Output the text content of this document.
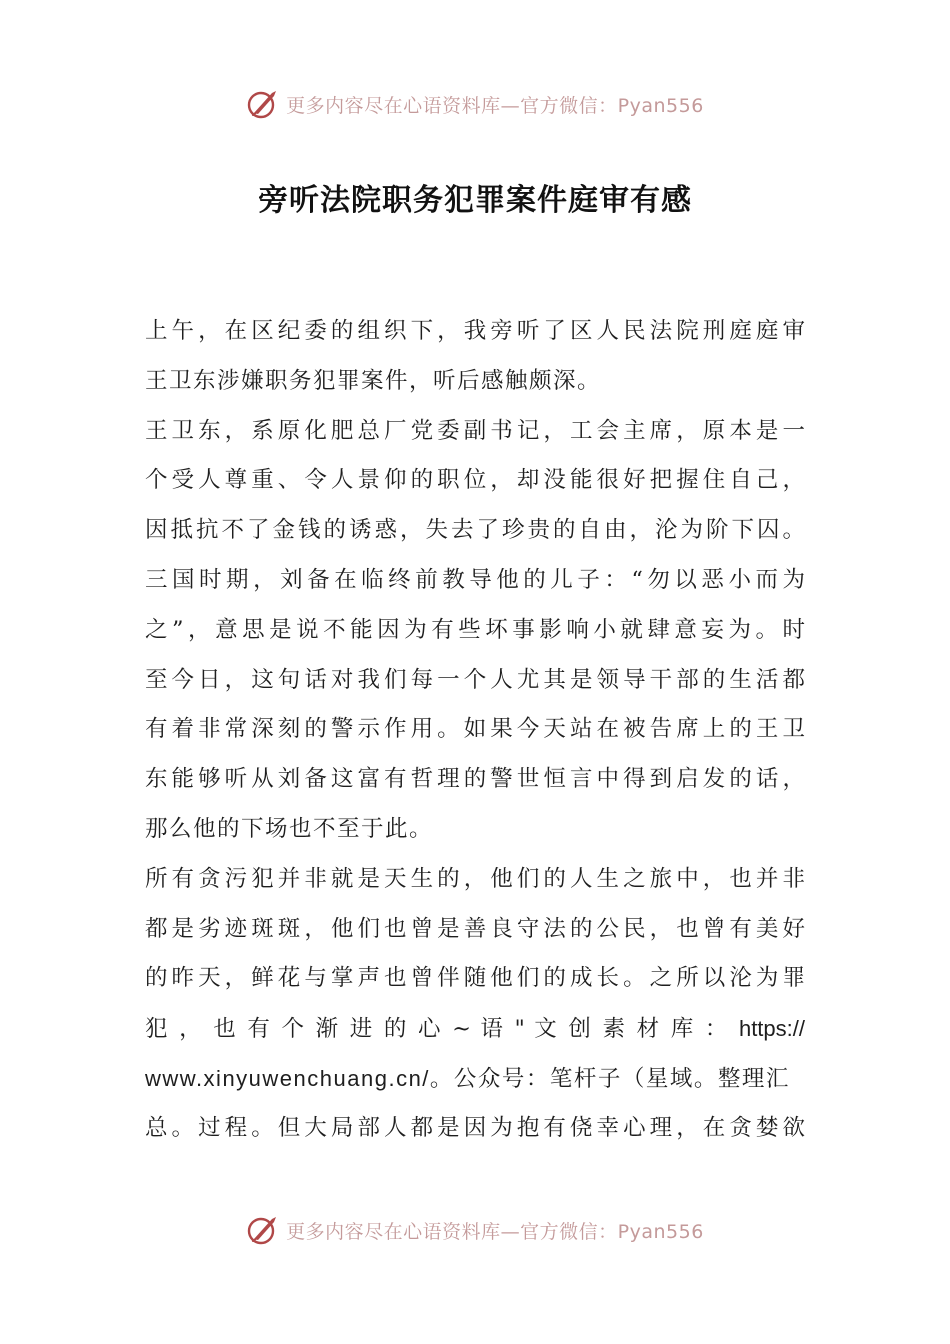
更多内容尽在心语资料库—官方微信：Pyan556
旁听法院职务犯罪案件庭审有感
上午，在区纪委的组织下，我旁听了区人民法院刑庭庭审
王卫东涉嫌职务犯罪案件，听后感触颇深。
王卫东，系原化肥总厂党委副书记，工会主席，原本是一
个受人尊重、令人景仰的职位，却没能很好把握住自己，
因抵抗不了金钱的诱惑，失去了珍贵的自由，沦为阶下囚。
三国时期，刘备在临终前教导他的儿子：“勿以恶小而为
之”，意思是说不能因为有些坏事影响小就肆意妄为。时
至今日，这句话对我们每一个人尤其是领导干部的生活都
有着非常深刻的警示作用。如果今天站在被告席上的王卫
东能够听从刘备这富有哲理的警世恒言中得到启发的话，
那么他的下场也不至于此。
所有贪污犯并非就是天生的，他们的人生之旅中，也并非
都是劣迹斑斑，他们也曾是善良守法的公民，也曾有美好
的昨天，鲜花与掌声也曾伴随他们的成长。之所以沦为罪
犯 ， 也 有 个 渐 进 的 心 ~ 语 " 文 创 素 材 库 ： https://
www.xinyuwenchuang.cn/。公众号：笔杆子（星域。整理汇
总。过程。但大局部人都是因为抱有侥幸心理，在贪婪欲
更多内容尽在心语资料库—官方微信：Pyan556
